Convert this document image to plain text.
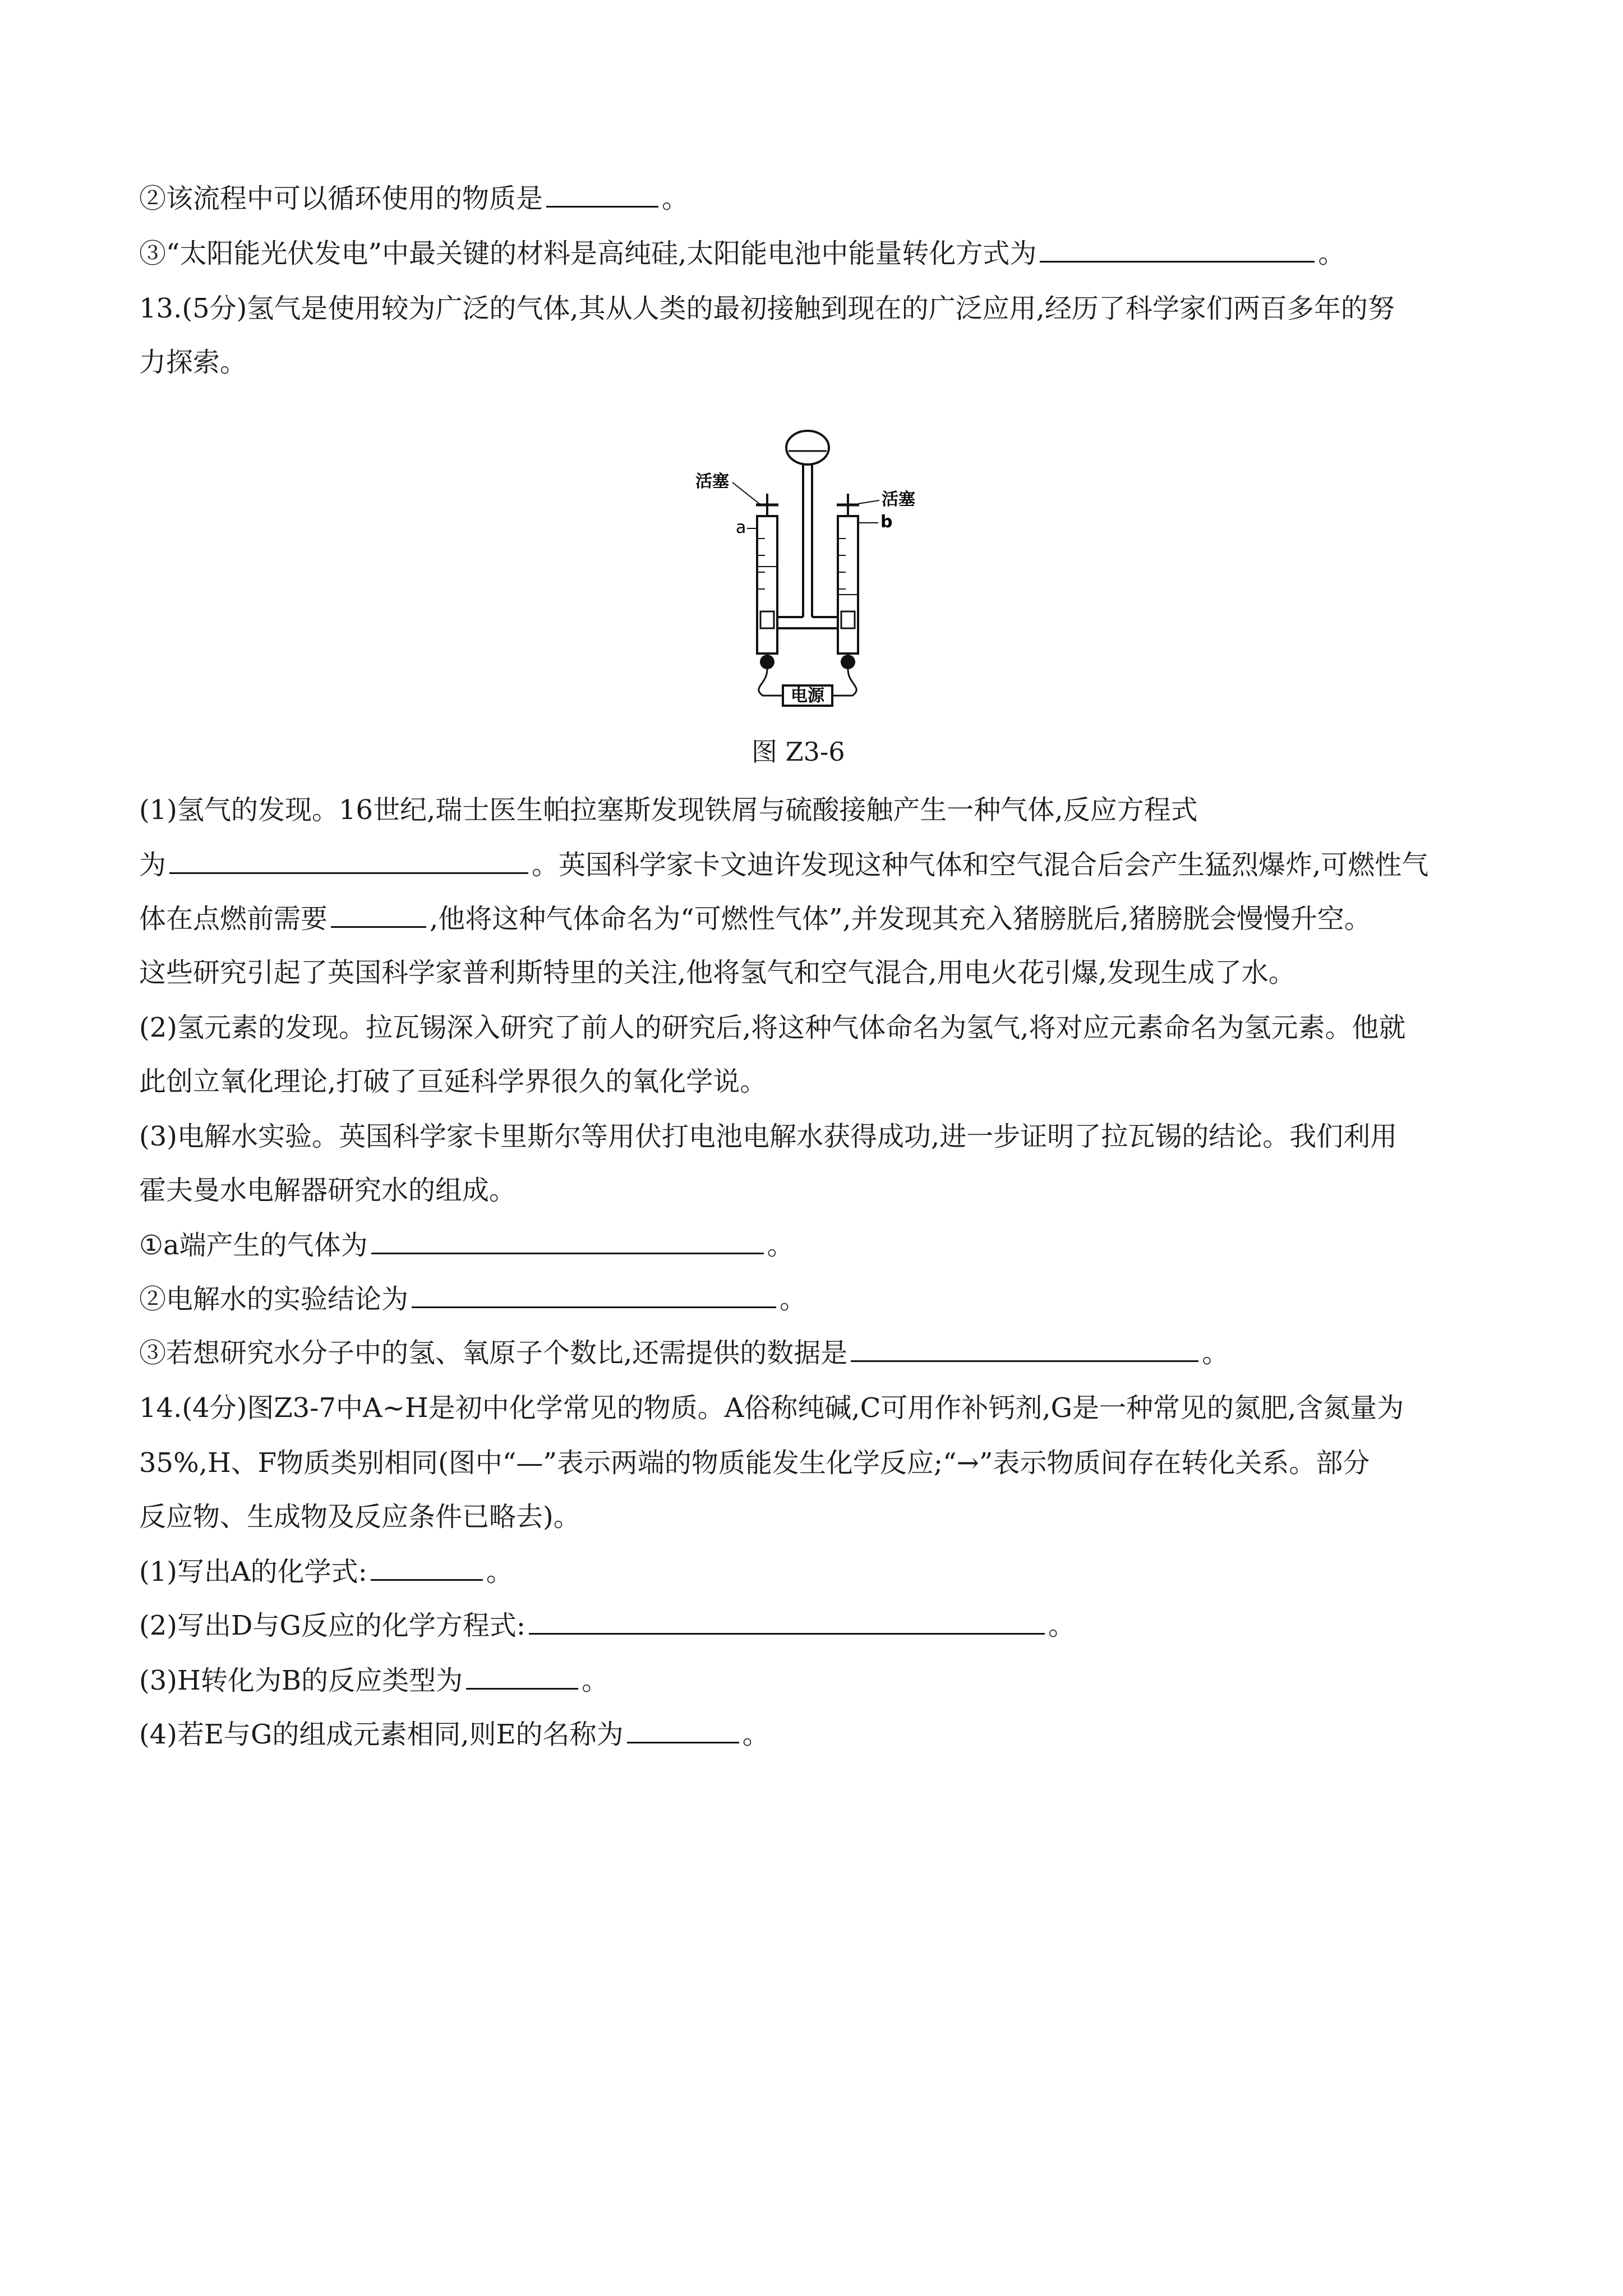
②该流程中可以循环使用的物质是	。
③“太阳能光伏发电”中最关键的材料是高纯硅,太阳能电池中能量转化方式为	。
13.(5分)氢气是使用较为广泛的气体,其从人类的最初接触到现在的广泛应用,经历了科学家们两百多年的努
力探索。
电源
活塞
a
活塞
b
图 Z3-6
(1)氢气的发现。16世纪,瑞士医生帕拉塞斯发现铁屑与硫酸接触产生一种气体,反应方程式
为	。英国科学家卡文迪许发现这种气体和空气混合后会产生猛烈爆炸,可燃性气
体在点燃前需要	,他将这种气体命名为“可燃性气体”,并发现其充入猪膀胱后,猪膀胱会慢慢升空。
这些研究引起了英国科学家普利斯特里的关注,他将氢气和空气混合,用电火花引爆,发现生成了水。
(2)氢元素的发现。拉瓦锡深入研究了前人的研究后,将这种气体命名为氢气,将对应元素命名为氢元素。他就
此创立氧化理论,打破了亘延科学界很久的氧化学说。
(3)电解水实验。英国科学家卡里斯尔等用伏打电池电解水获得成功,进一步证明了拉瓦锡的结论。我们利用
霍夫曼水电解器研究水的组成。
①a端产生的气体为	。
②电解水的实验结论为	。
③若想研究水分子中的氢、氧原子个数比,还需提供的数据是	。
14.(4分)图Z3-7中A~H是初中化学常见的物质。A俗称纯碱,C可用作补钙剂,G是一种常见的氮肥,含氮量为
35%,H、F物质类别相同(图中“—”表示两端的物质能发生化学反应;“→”表示物质间存在转化关系。部分
反应物、生成物及反应条件已略去)。
(1)写出A的化学式:	。
(2)写出D与G反应的化学方程式:	。
(3)H转化为B的反应类型为	。
(4)若E与G的组成元素相同,则E的名称为	。
